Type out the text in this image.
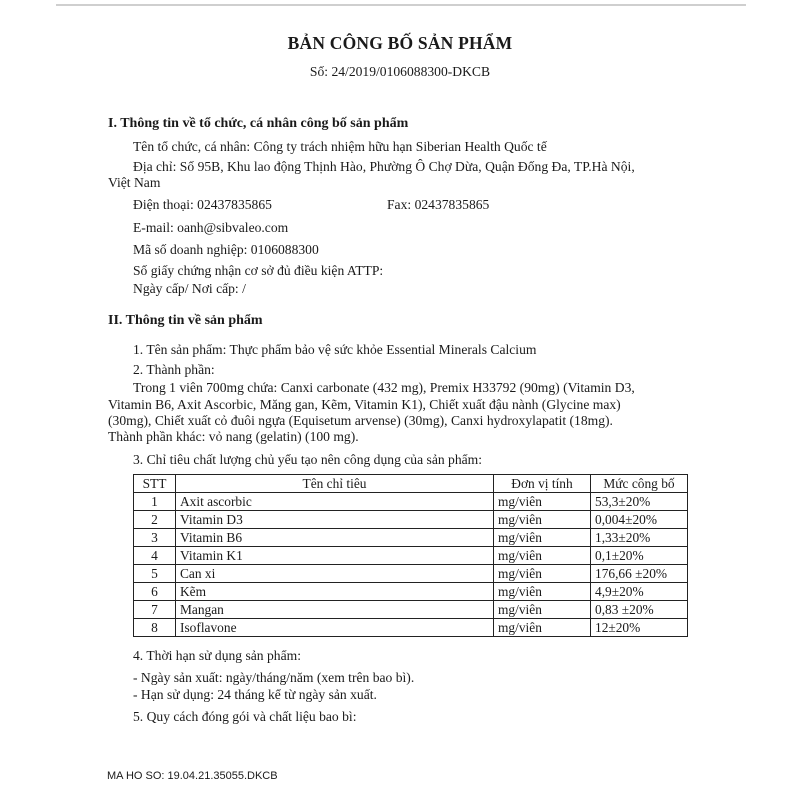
BẢN CÔNG BỐ SẢN PHẨM
Số: 24/2019/0106088300-DKCB
I. Thông tin về tổ chức, cá nhân công bố sản phẩm
Tên tổ chức, cá nhân: Công ty trách nhiệm hữu hạn Siberian Health Quốc tế
Địa chỉ: Số 95B, Khu lao động Thịnh Hào, Phường Ô Chợ Dừa, Quận Đống Đa, TP.Hà Nội,
Việt Nam
Điện thoại: 02437835865	Fax: 02437835865
E-mail: oanh@sibvaleo.com
Mã số doanh nghiệp: 0106088300
Số giấy chứng nhận cơ sở đủ điều kiện ATTP:
Ngày cấp/ Nơi cấp: /
II. Thông tin về sản phẩm
1. Tên sản phẩm: Thực phẩm bảo vệ sức khỏe Essential Minerals Calcium
2. Thành phần:
Trong 1 viên 700mg chứa: Canxi carbonate (432 mg), Premix H33792 (90mg) (Vitamin D3,
Vitamin B6, Axit Ascorbic, Măng gan, Kẽm, Vitamin K1), Chiết xuất đậu nành (Glycine max)
(30mg), Chiết xuất cỏ đuôi ngựa (Equisetum arvense) (30mg), Canxi hydroxylapatit (18mg).
Thành phần khác: vỏ nang (gelatin) (100 mg).
3. Chỉ tiêu chất lượng chủ yếu tạo nên công dụng của sản phẩm:
STT	Tên chỉ tiêu	Đơn vị tính	Mức công bố
1	Axit ascorbic	mg/viên	53,3±20%
2	Vitamin D3	mg/viên	0,004±20%
3	Vitamin B6	mg/viên	1,33±20%
4	Vitamin K1	mg/viên	0,1±20%
5	Can xi	mg/viên	176,66 ±20%
6	Kẽm	mg/viên	4,9±20%
7	Mangan	mg/viên	0,83 ±20%
8	Isoflavone	mg/viên	12±20%
4. Thời hạn sử dụng sản phẩm:
- Ngày sản xuất: ngày/tháng/năm (xem trên bao bì).
- Hạn sử dụng: 24 tháng kể từ ngày sản xuất.
5. Quy cách đóng gói và chất liệu bao bì:
MA HO SO: 19.04.21.35055.DKCB
